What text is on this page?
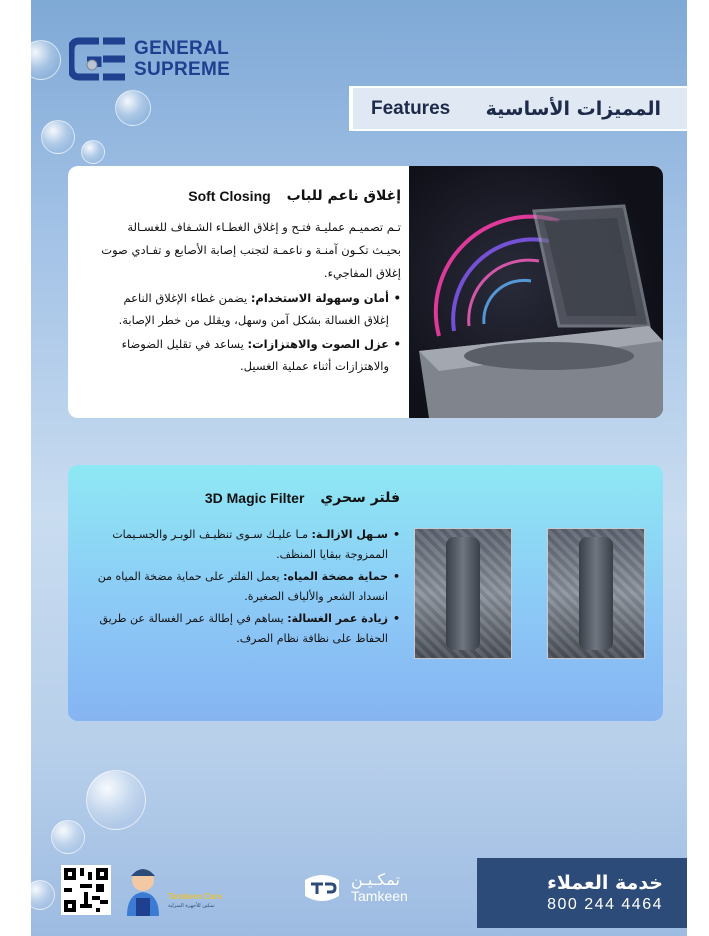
GENERAL
SUPREME
Features المميزات الأساسية
إغلاق ناعم للباب
Soft Closing

تـم تصميـم عمليـة فتـح و إغلاق الغطـاء الشـفاف للغسـالة بحيـث تكـون آمنـة و ناعمـة لتجنب إصابة الأصابع و تفـادي صوت إغلاق المفاجيء.

• أمان وسهولة الاستخدام: يضمن غطاء الإغلاق الناعم إغلاق الغسالة بشكل آمن وسهل، ويقلل من خطر الإصابة.
• عزل الصوت والاهتزازات: يساعد في تقليل الضوضاء والاهتزازات أثناء عملية الغسيل.
فلتر سحري
3D Magic Filter
• سـهل الازالـة: مـا عليـك سـوى تنظيـف الوبـر والجسـيمات الممزوجة ببقايا المنظف.
• حماية مضخة المياه: يعمل الفلتر على حماية مضخة المياه من انسداد الشعر والألياف الصغيرة.
• زيادة عمر الغسالة: يساهم في إطالة عمر الغسالة عن طريق الحفاظ على نظافة نظام الصرف.
Tamkeen Care
تمكين للأجهزة المنزلية
تمكـيـن
Tamkeen
خدمة العملاء
800 244 4464
